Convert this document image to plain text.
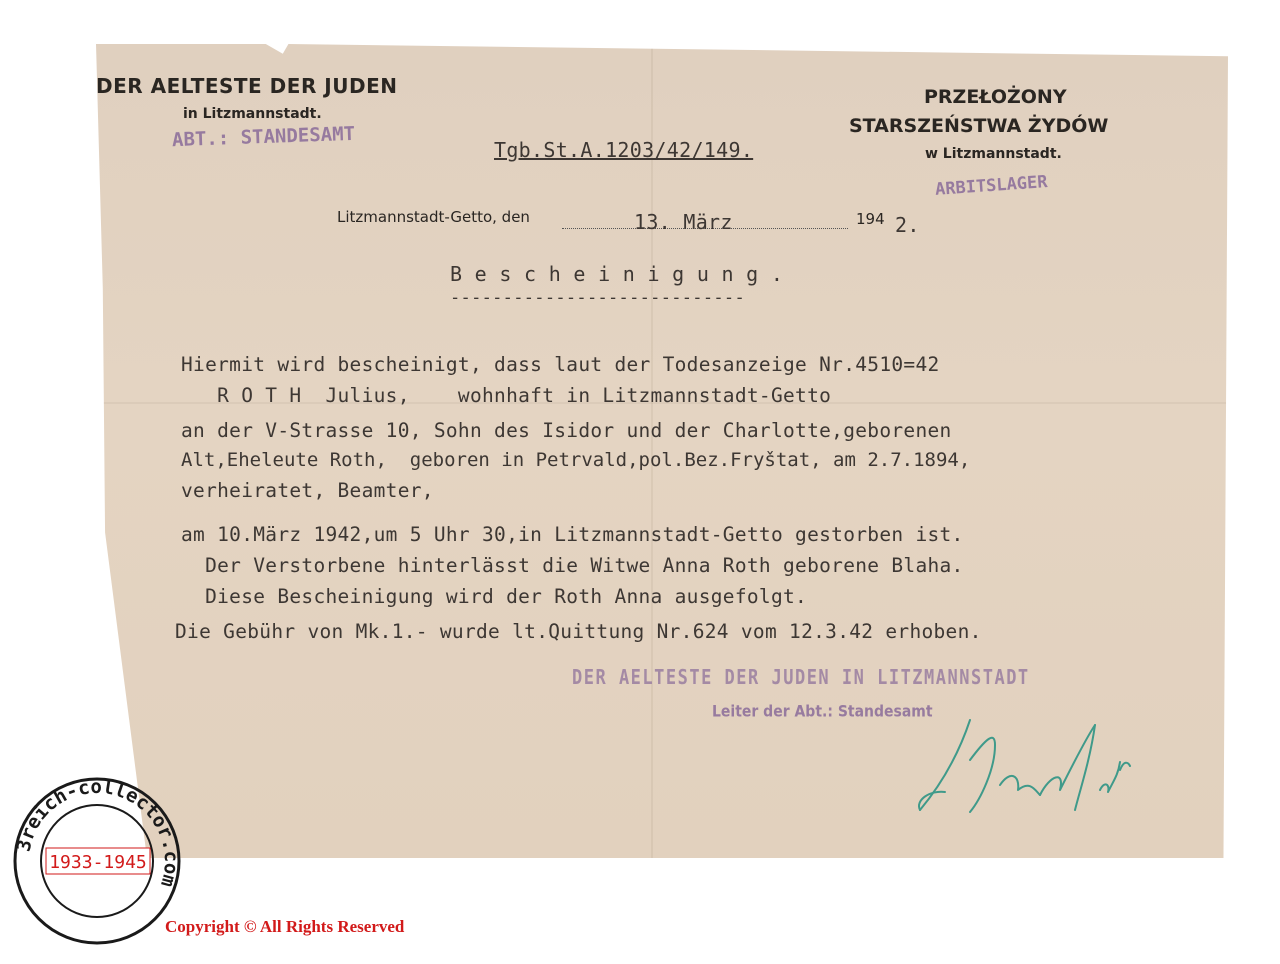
DER AELTESTE DER JUDEN
in Litzmannstadt.
ABT.: STANDESAMT	Tgb.St.A.1203/42/149.
PRZEŁOŻONY
STARSZEŃSTWA ŻYDÓW
w Litzmannstadt.
ARBITSLAGER
Litzmannstadt-Getto, den	13. März	194 2.
B e s c h e i n i g u n g .
----------------------------
Hiermit wird bescheinigt, dass laut der Todesanzeige Nr.4510=42
R O T H  Julius,    wohnhaft in Litzmannstadt-Getto
an der V-Strasse 10, Sohn des Isidor und der Charlotte,geborenen
Alt,Eheleute Roth,  geboren in Petrvald,pol.Bez.Fryštat, am 2.7.1894,
verheiratet, Beamter,
am 10.März 1942,um 5 Uhr 30,in Litzmannstadt-Getto gestorben ist.
Der Verstorbene hinterlässt die Witwe Anna Roth geborene Blaha.
Diese Bescheinigung wird der Roth Anna ausgefolgt.
Die Gebühr von Mk.1.- wurde lt.Quittung Nr.624 vom 12.3.42 erhoben.
DER AELTESTE DER JUDEN IN LITZMANNSTADT
Leiter der Abt.: Standesamt
3reich-collector.com
1933-1945
Copyright © All Rights Reserved
